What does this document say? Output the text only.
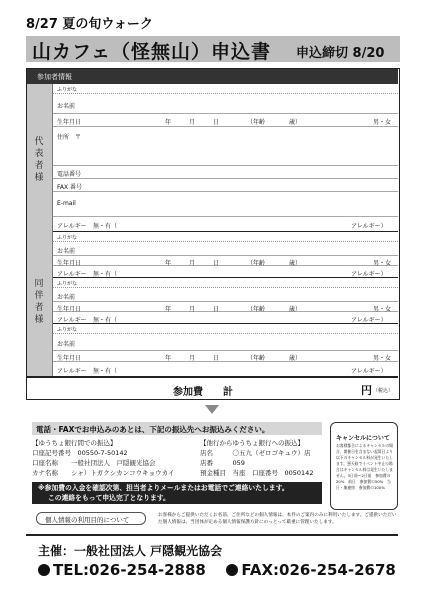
8/27 夏の旬ウォーク
山カフェ（怪無山）申込書 申込締切 8/20
参加者情報
代表者様
ふりがな
お名前
生年月日	年	月	日	（年齢	歳）	男・女
住所　〒
電話番号
FAX 番号
E-mail
アレルギー 無・有（	アレルギー）
同伴者様
ふりがな
お名前
生年月日	年	月	日	（年齢	歳）	男・女
アレルギー 無・有（	アレルギー）
ふりがな
お名前
生年月日	年	月	日	（年齢	歳）	男・女
アレルギー 無・有（	アレルギー）
ふりがな
お名前
生年月日	年	月	日	（年齢	歳）	男・女
アレルギー 無・有（	アレルギー）
参加費　　計	円 （税込）
電話・FAXでお申込みのあとは、下記の振込先へお振込みください。
【ゆうちょ銀行間での振込】
口座記号番号　00550-7-50142
口座名称　　一般社団法人　戸隠観光協会
カナ名称　　シャ）トガクシカンコウキョウカイ
【他行からゆうちょ銀行への振込】
店名　　　〇五九（ゼロゴキュウ）店
店番　　　059
預金種目　当座　口座番号　0050142
※参加費の入金を確認次第、担当者よりメールまたはお電話でご連絡いたします。
この連絡をもって申込完了となります。
キャンセルについて
お客様都合によるキャンセルの場合、開催日を含まない起算日より以下のキャンセル料が発生いたします。悪天候でイベント中止の場合はキャンセル料は発生いたしません。3日前〜2日前　参加費の20%　前日　参加費の50%　当日・無連絡　参加費の100%
個人情報の利用目的について
お客様からご提供いただくお名前、ご住所などの個人情報は、本件のご案内のみに利用いたします。ご提供いただいた個人情報は、当団体が定める個人情報保護方針にのっとって厳重に管理いたします。
主催：一般社団法人 戸隠観光協会
TEL:026-254-2888 FAX:026-254-2678
